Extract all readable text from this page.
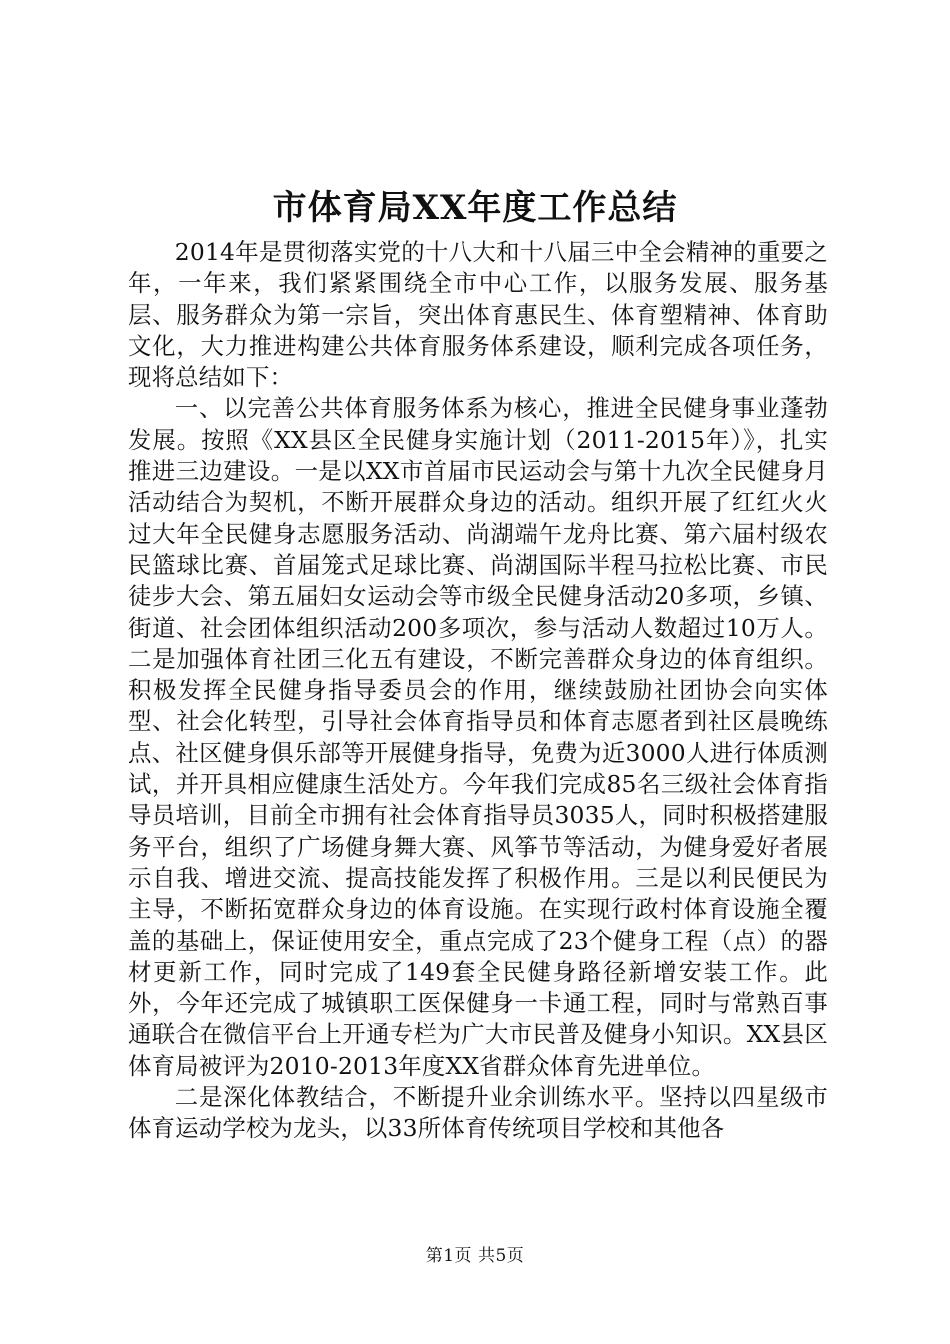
市体育局XX年度工作总结

2014年是贯彻落实党的十八大和十八届三中全会精神的重要之年，一年来，我们紧紧围绕全市中心工作，以服务发展、服务基层、服务群众为第一宗旨，突出体育惠民生、体育塑精神、体育助文化，大力推进构建公共体育服务体系建设，顺利完成各项任务，现将总结如下：

一、以完善公共体育服务体系为核心，推进全民健身事业蓬勃发展。按照《XX县区全民健身实施计划（2011-2015年）》，扎实推进三边建设。一是以XX市首届市民运动会与第十九次全民健身月活动结合为契机，不断开展群众身边的活动。组织开展了红红火火过大年全民健身志愿服务活动、尚湖端午龙舟比赛、第六届村级农民篮球比赛、首届笼式足球比赛、尚湖国际半程马拉松比赛、市民徒步大会、第五届妇女运动会等市级全民健身活动20多项，乡镇、街道、社会团体组织活动200多项次，参与活动人数超过10万人。二是加强体育社团三化五有建设，不断完善群众身边的体育组织。积极发挥全民健身指导委员会的作用，继续鼓励社团协会向实体型、社会化转型，引导社会体育指导员和体育志愿者到社区晨晚练点、社区健身俱乐部等开展健身指导，免费为近3000人进行体质测试，并开具相应健康生活处方。今年我们完成85名三级社会体育指导员培训，目前全市拥有社会体育指导员3035人，同时积极搭建服务平台，组织了广场健身舞大赛、风筝节等活动，为健身爱好者展示自我、增进交流、提高技能发挥了积极作用。三是以利民便民为主导，不断拓宽群众身边的体育设施。在实现行政村体育设施全覆盖的基础上，保证使用安全，重点完成了23个健身工程（点）的器材更新工作，同时完成了149套全民健身路径新增安装工作。此外，今年还完成了城镇职工医保健身一卡通工程，同时与常熟百事通联合在微信平台上开通专栏为广大市民普及健身小知识。XX县区体育局被评为2010-2013年度XX省群众体育先进单位。

二是深化体教结合，不断提升业余训练水平。坚持以四星级市体育运动学校为龙头，以33所体育传统项目学校和其他各

第1页 共5页
